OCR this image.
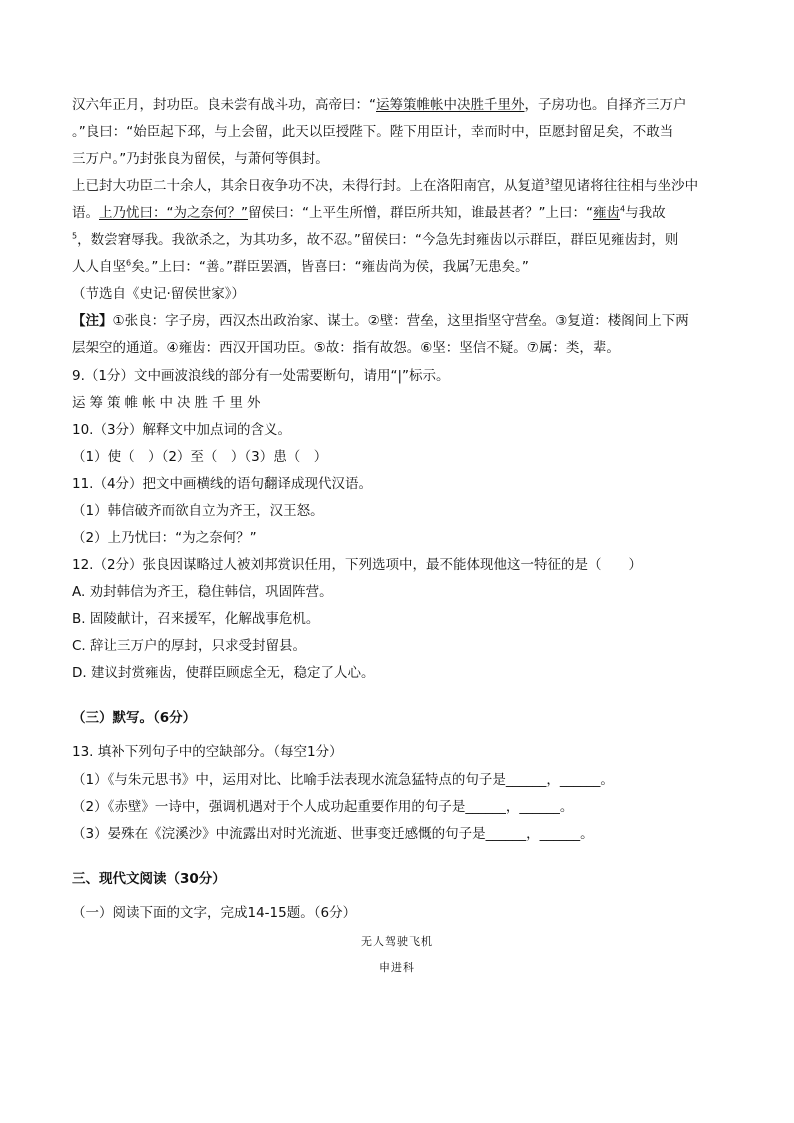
汉六年正月，封功臣。良未尝有战斗功，高帝曰：“运筹策帷帐中决胜千里外，子房功也。自择齐三万户
。”良曰：“始臣起下邳，与上会留，此天以臣授陛下。陛下用臣计，幸而时中，臣愿封留足矣，不敢当
三万户。”乃封张良为留侯，与萧何等俱封。
上已封大功臣二十余人，其余日夜争功不决，未得行封。上在洛阳南宫，从复道$^3$望见诸将往往相与坐沙中
语。上乃忧曰：“为之奈何？”留侯曰：“上平生所憎，群臣所共知，谁最甚者？”上曰：“雍齿$^4$与我故
$^5$，数尝窘辱我。我欲杀之，为其功多，故不忍。”留侯曰：“今急先封雍齿以示群臣，群臣见雍齿封，则
人人自坚$^6$矣。”上曰：“善。”群臣罢酒，皆喜曰：“雍齿尚为侯，我属$^7$无患矣。”
（节选自《史记·留侯世家》）
【注】①张良：字子房，西汉杰出政治家、谋士。②壁：营垒，这里指坚守营垒。③复道：楼阁间上下两
层架空的通道。④雍齿：西汉开国功臣。⑤故：指有故怨。⑥坚：坚信不疑。⑦属：类，辈。
9.（1分）文中画波浪线的部分有一处需要断句，请用“|”标示。
运筹策帷帐中决胜千里外
10.（3分）解释文中加点词的含义。
（1）使（　）（2）至（　）（3）患（　）
11.（4分）把文中画横线的语句翻译成现代汉语。
（1）韩信破齐而欲自立为齐王，汉王怒。
（2）上乃忧曰：“为之奈何？”
12.（2分）张良因谋略过人被刘邦赏识任用，下列选项中，最不能体现他这一特征的是（　　）
A. 劝封韩信为齐王，稳住韩信，巩固阵营。
B. 固陵献计，召来援军，化解战事危机。
C. 辞让三万户的厚封，只求受封留县。
D. 建议封赏雍齿，使群臣顾虑全无，稳定了人心。
（三）默写。（6分）
13. 填补下列句子中的空缺部分。（每空1分）
（1）《与朱元思书》中，运用对比、比喻手法表现水流急猛特点的句子是______，______。
（2）《赤壁》一诗中，强调机遇对于个人成功起重要作用的句子是______，______。
（3）晏殊在《浣溪沙》中流露出对时光流逝、世事变迁感慨的句子是______，______。
三、现代文阅读（30分）
（一）阅读下面的文字，完成14-15题。（6分）
无人驾驶飞机
申进科
